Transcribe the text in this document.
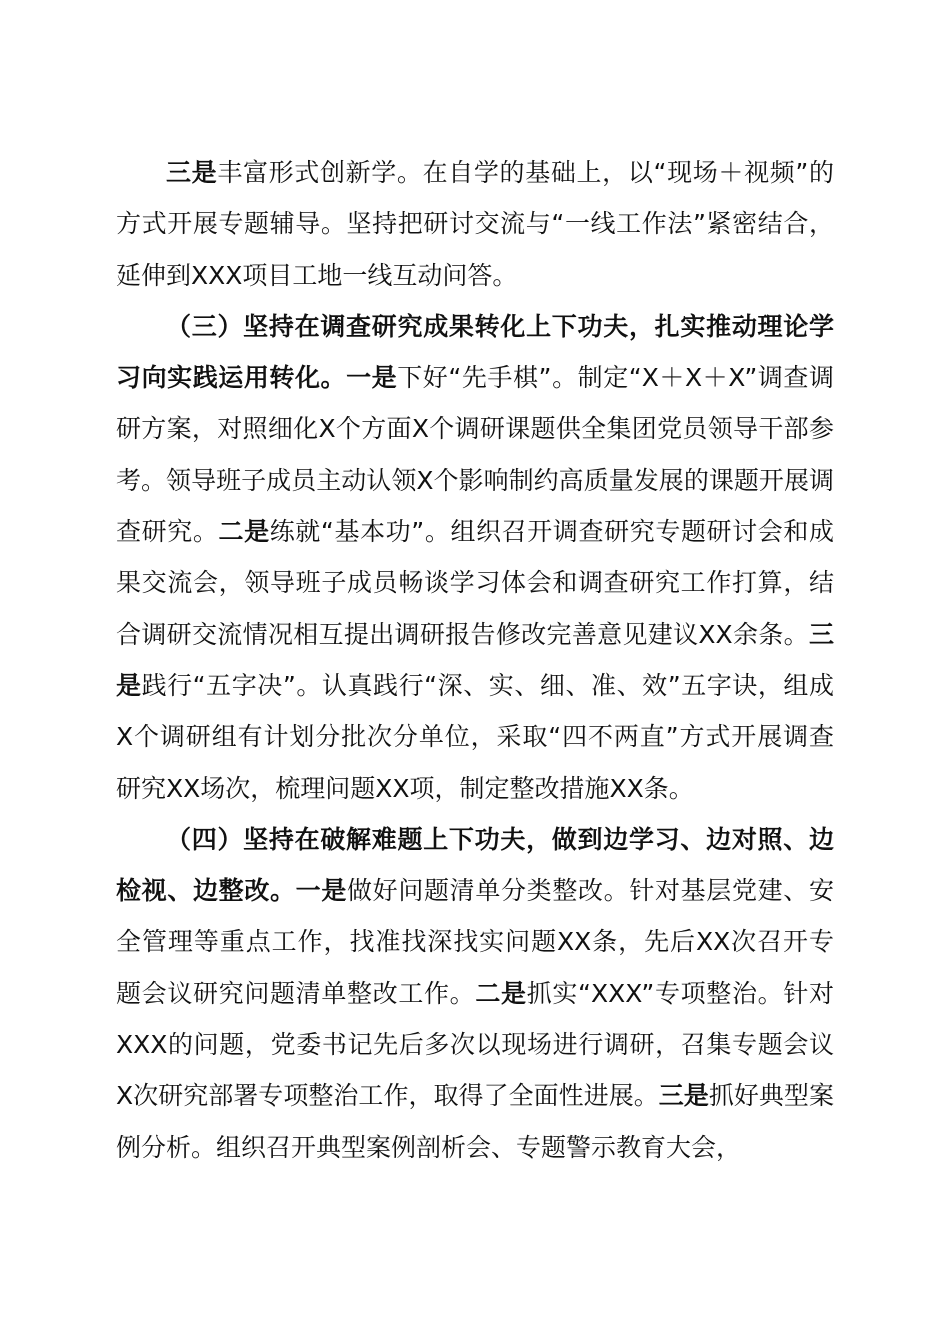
三是丰富形式创新学。在自学的基础上，以“现场＋视频”的方式开展专题辅导。坚持把研讨交流与“一线工作法”紧密结合，延伸到XXX项目工地一线互动问答。

（三）坚持在调查研究成果转化上下功夫，扎实推动理论学习向实践运用转化。一是下好“先手棋”。制定“X＋X＋X”调查调研方案，对照细化X个方面X个调研课题供全集团党员领导干部参考。领导班子成员主动认领X个影响制约高质量发展的课题开展调查研究。二是练就“基本功”。组织召开调查研究专题研讨会和成果交流会，领导班子成员畅谈学习体会和调查研究工作打算，结合调研交流情况相互提出调研报告修改完善意见建议XX余条。三是践行“五字决”。认真践行“深、实、细、准、效”五字诀，组成X个调研组有计划分批次分单位，采取“四不两直”方式开展调查研究XX场次，梳理问题XX项，制定整改措施XX条。

（四）坚持在破解难题上下功夫，做到边学习、边对照、边检视、边整改。一是做好问题清单分类整改。针对基层党建、安全管理等重点工作，找准找深找实问题XX条，先后XX次召开专题会议研究问题清单整改工作。二是抓实“XXX”专项整治。针对XXX的问题，党委书记先后多次以现场进行调研，召集专题会议X次研究部署专项整治工作，取得了全面性进展。三是抓好典型案例分析。组织召开典型案例剖析会、专题警示教育大会，
